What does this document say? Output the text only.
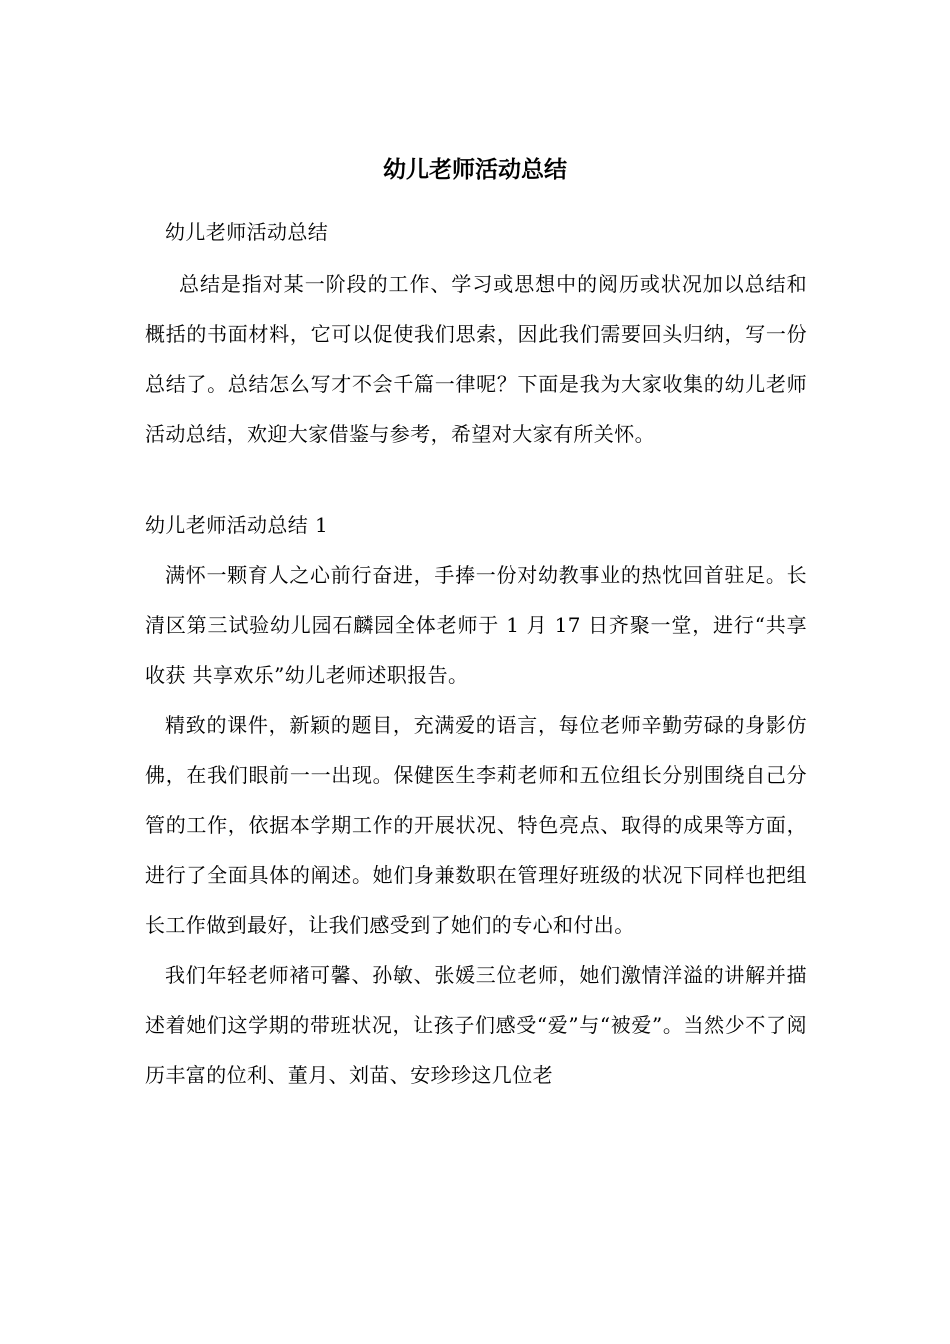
幼儿老师活动总结

幼儿老师活动总结

总结是指对某一阶段的工作、学习或思想中的阅历或状况加以总结和概括的书面材料，它可以促使我们思索，因此我们需要回头归纳，写一份总结了。总结怎么写才不会千篇一律呢？下面是我为大家收集的幼儿老师活动总结，欢迎大家借鉴与参考，希望对大家有所关怀。

幼儿老师活动总结 1

满怀一颗育人之心前行奋进，手捧一份对幼教事业的热忱回首驻足。长清区第三试验幼儿园石麟园全体老师于 1 月 17 日齐聚一堂，进行“共享收获 共享欢乐”幼儿老师述职报告。

精致的课件，新颖的题目，充满爱的语言，每位老师辛勤劳碌的身影仿佛，在我们眼前一一出现。保健医生李莉老师和五位组长分别围绕自己分管的工作，依据本学期工作的开展状况、特色亮点、取得的成果等方面，进行了全面具体的阐述。她们身兼数职在管理好班级的状况下同样也把组长工作做到最好，让我们感受到了她们的专心和付出。

我们年轻老师褚可馨、孙敏、张媛三位老师，她们激情洋溢的讲解并描述着她们这学期的带班状况，让孩子们感受“爱”与“被爱”。当然少不了阅历丰富的位利、董月、刘苗、安珍珍这几位老
